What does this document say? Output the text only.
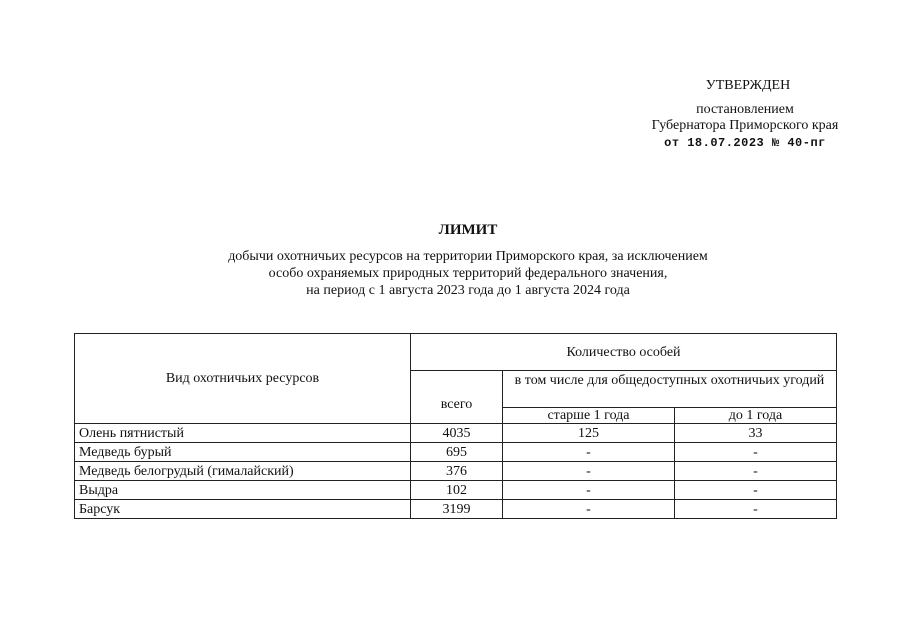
УТВЕРЖДЕН
постановлением
Губернатора Приморского края
от 18.07.2023 № 40-пг
ЛИМИТ
добычи охотничьих ресурсов на территории Приморского края, за исключением
особо охраняемых природных территорий федерального значения,
на период с 1 августа 2023 года до 1 августа 2024 года
Вид охотничьих ресурсов	Количество особей		
	всего	в том числе для общедоступных охотничьих угодий	
		старше 1 года	до 1 года
Олень пятнистый	4035	125	33
Медведь бурый	695	-	-
Медведь белогрудый (гималайский)	376	-	-
Выдра	102	-	-
Барсук	3199	-	-
